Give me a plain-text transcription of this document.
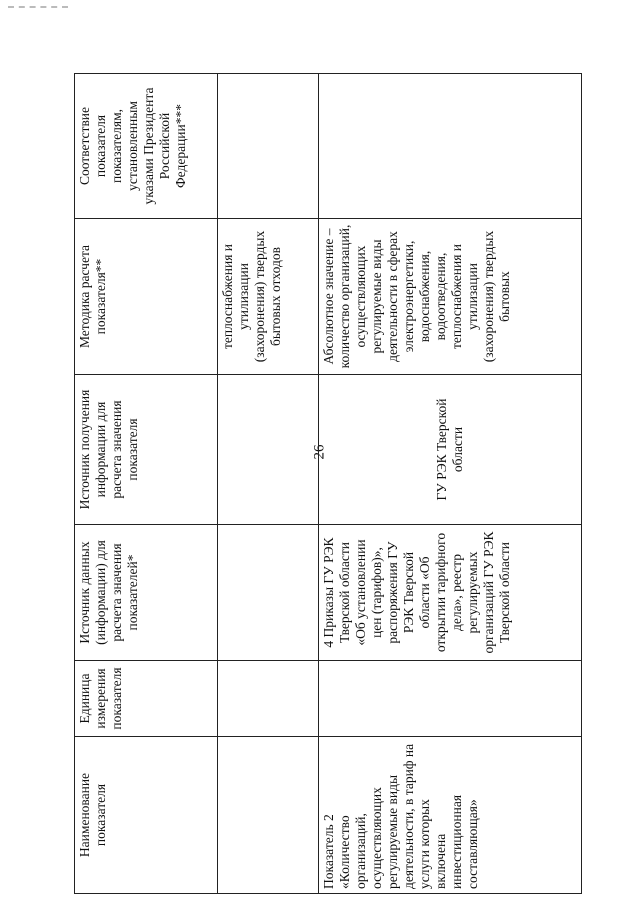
26
Наименование показателя	Единица измерения показателя	Источник данных (информации) для расчета значения показателей*	Источник получения информации для расчета значения показателя	Методика расчета показателя**	Соответствие показателя показателям, установленным указами Президента Российской Федерации***
				теплоснабжения и утилизации (захоронения) твердых бытовых отходов	
Показатель 2 «Количество организаций, осуществляющих регулируемые виды деятельности, в тариф на услуги которых включена инвестиционная составляющая»		4 Приказы ГУ РЭК Тверской области «Об установлении цен (тарифов)», распоряжения ГУ РЭК Тверской области «Об открытии тарифного дела», реестр регулируемых организаций ГУ РЭК Тверской области	ГУ РЭК Тверской области	Абсолютное значение – количество организаций, осуществляющих регулируемые виды деятельности в сферах электроэнергетики, водоснабжения, водоотведения, теплоснабжения и утилизации (захоронения) твердых бытовых	
